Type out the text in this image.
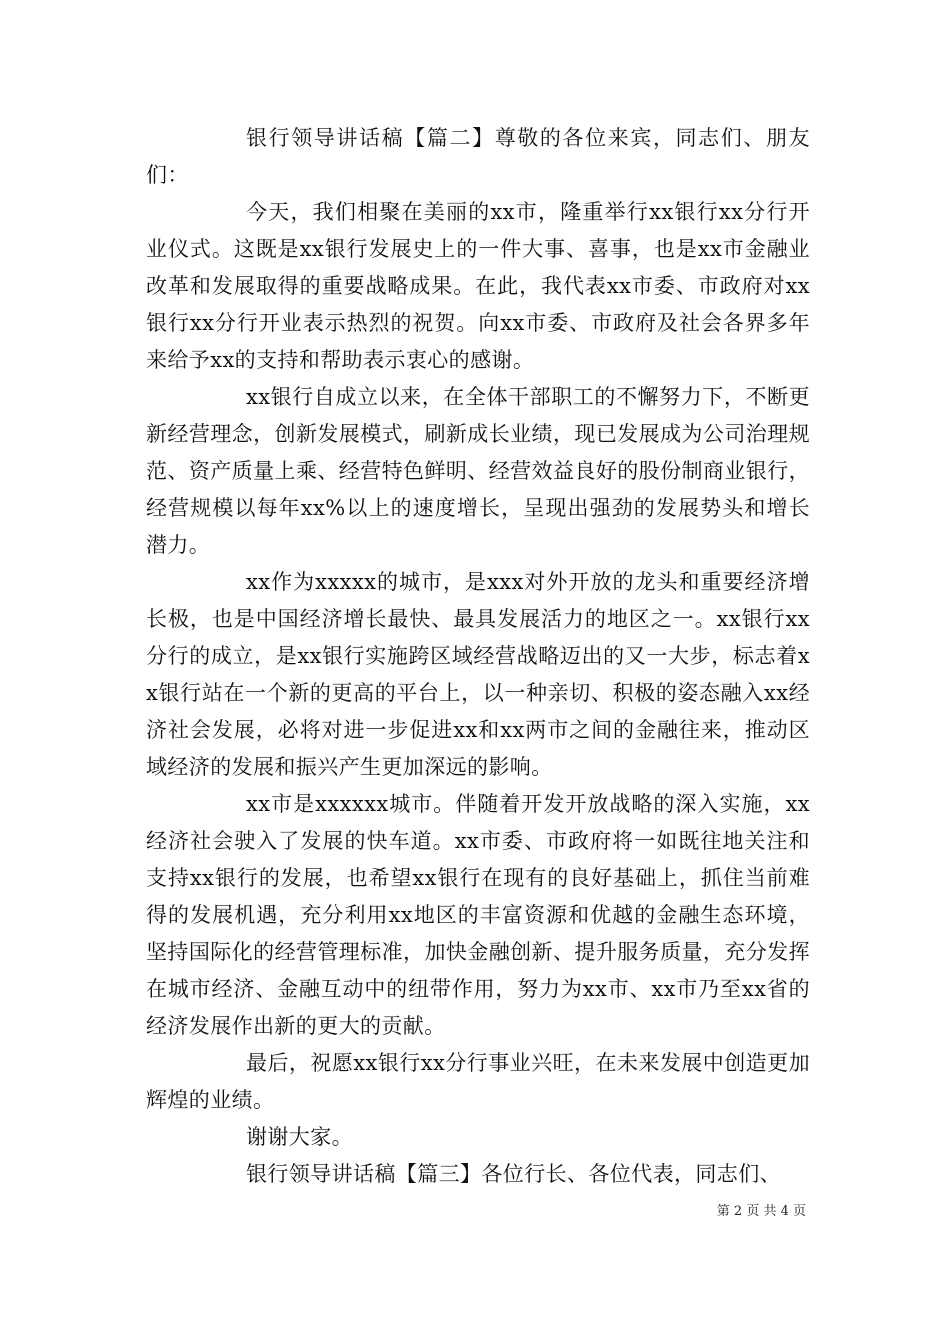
银行领导讲话稿【篇二】尊敬的各位来宾，同志们、朋友们：

今天，我们相聚在美丽的xx市，隆重举行xx银行xx分行开业仪式。这既是xx银行发展史上的一件大事、喜事，也是xx市金融业改革和发展取得的重要战略成果。在此，我代表xx市委、市政府对xx银行xx分行开业表示热烈的祝贺。向xx市委、市政府及社会各界多年来给予xx的支持和帮助表示衷心的感谢。

xx银行自成立以来，在全体干部职工的不懈努力下，不断更新经营理念，创新发展模式，刷新成长业绩，现已发展成为公司治理规范、资产质量上乘、经营特色鲜明、经营效益良好的股份制商业银行，经营规模以每年xx%以上的速度增长，呈现出强劲的发展势头和增长潜力。

xx作为xxxxx的城市，是xxx对外开放的龙头和重要经济增长极，也是中国经济增长最快、最具发展活力的地区之一。xx银行xx分行的成立，是xx银行实施跨区域经营战略迈出的又一大步，标志着xx银行站在一个新的更高的平台上，以一种亲切、积极的姿态融入xx经济社会发展，必将对进一步促进xx和xx两市之间的金融往来，推动区域经济的发展和振兴产生更加深远的影响。

xx市是xxxxxx城市。伴随着开发开放战略的深入实施，xx经济社会驶入了发展的快车道。xx市委、市政府将一如既往地关注和支持xx银行的发展，也希望xx银行在现有的良好基础上，抓住当前难得的发展机遇，充分利用xx地区的丰富资源和优越的金融生态环境，坚持国际化的经营管理标准，加快金融创新、提升服务质量，充分发挥在城市经济、金融互动中的纽带作用，努力为xx市、xx市乃至xx省的经济发展作出新的更大的贡献。

最后，祝愿xx银行xx分行事业兴旺，在未来发展中创造更加辉煌的业绩。

谢谢大家。

银行领导讲话稿【篇三】各位行长、各位代表，同志们、

第 2 页 共 4 页
